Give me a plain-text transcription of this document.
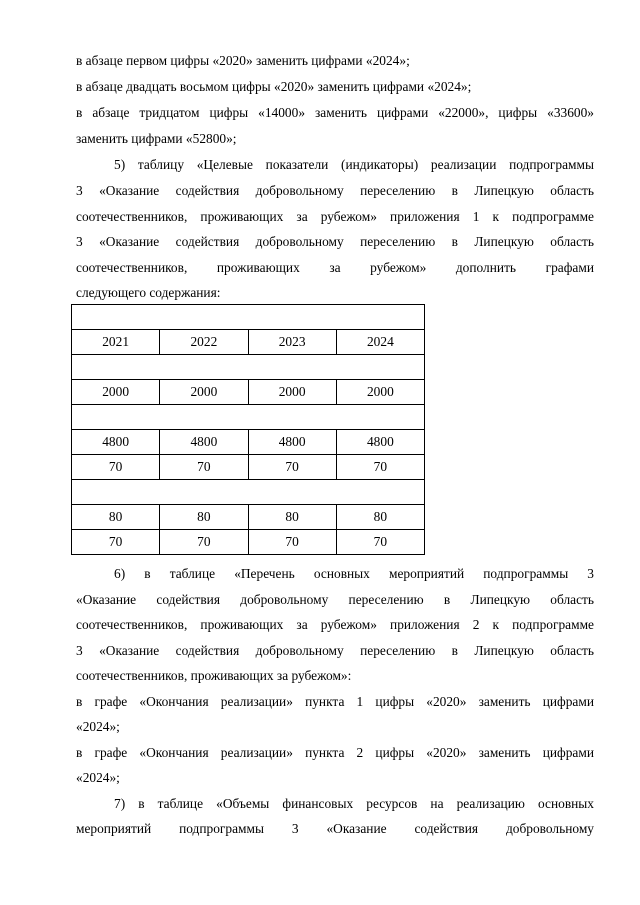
в абзаце первом цифры «2020» заменить цифрами «2024»;
в абзаце двадцать восьмом цифры «2020» заменить цифрами «2024»;
в абзаце тридцатом цифры «14000» заменить цифрами «22000», цифры «33600»
заменить цифрами «52800»;
5) таблицу «Целевые показатели (индикаторы) реализации подпрограммы
3 «Оказание содействия добровольному переселению в Липецкую область
соотечественников, проживающих за рубежом» приложения 1 к подпрограмме
3 «Оказание содействия добровольному переселению в Липецкую область
соотечественников, проживающих за рубежом» дополнить графами
следующего содержания:
6) в таблице «Перечень основных мероприятий подпрограммы 3
«Оказание содействия добровольному переселению в Липецкую область
соотечественников, проживающих за рубежом» приложения 2 к подпрограмме
3 «Оказание содействия добровольному переселению в Липецкую область
соотечественников, проживающих за рубежом»:
в графе «Окончания реализации» пункта 1 цифры «2020» заменить цифрами
«2024»;
в графе «Окончания реализации» пункта 2 цифры «2020» заменить цифрами
«2024»;
7) в таблице «Объемы финансовых ресурсов на реализацию основных
мероприятий подпрограммы 3 «Оказание содействия добровольному

2021	2022	2023	2024

2000	2000	2000	2000

4800	4800	4800	4800
70	70	70	70

80	80	80	80
70	70	70	70
